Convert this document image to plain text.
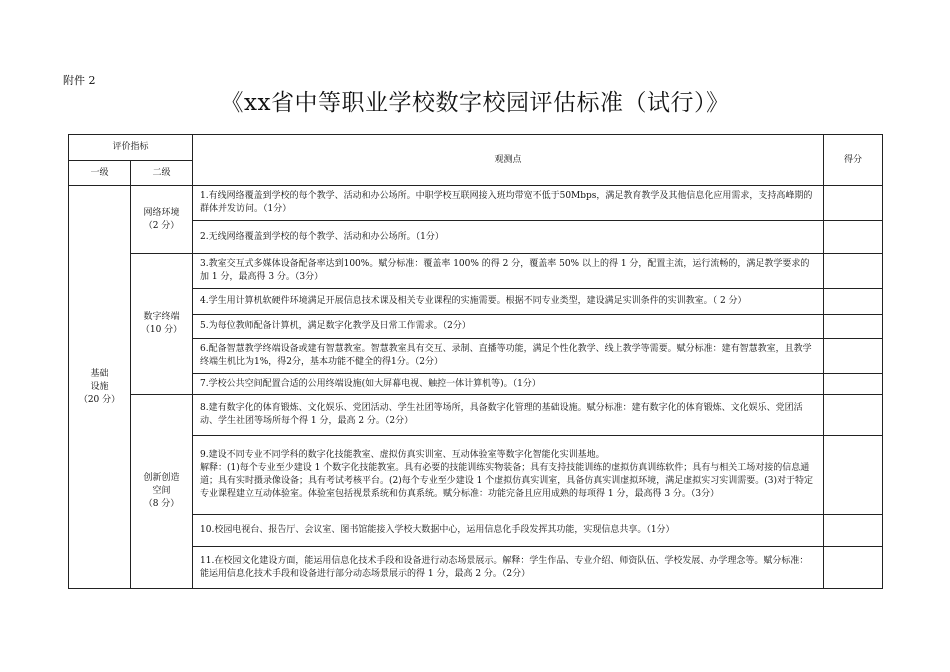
附件 2
《xx省中等职业学校数字校园评估标准（试行）》
评价指标		观测点	得分
一级	二级		
基础
设施
（20 分）	网络环境
（2 分）	1.有线网络覆盖到学校的每个教学、活动和办公场所。中职学校互联网接入班均带宽不低于50Mbps，满足教育教学及其他信息化应用需求，支持高峰期的群体并发访问。（1分）	
		2.无线网络覆盖到学校的每个教学、活动和办公场所。（1分）	
	数字终端
（10 分）	3.教室交互式多媒体设备配备率达到100%。赋分标准：覆盖率 100% 的得 2 分，覆盖率 50% 以上的得 1 分，配置主流，运行流畅的，满足教学要求的加 1 分，最高得 3 分。（3分）	
		4.学生用计算机软硬件环境满足开展信息技术课及相关专业课程的实施需要。根据不同专业类型，建设满足实训条件的实训教室。（ 2 分）	
		5.为每位教师配备计算机，满足数字化教学及日常工作需求。（2分）	
		6.配备智慧教学终端设备或建有智慧教室。智慧教室具有交互、录制、直播等功能，满足个性化教学、线上教学等需要。赋分标准：建有智慧教室，且教学终端生机比为1%，得2分，基本功能不健全的得1分。（2分）	
		7.学校公共空间配置合适的公用终端设施(如大屏幕电视、触控一体计算机等)。（1分）	
	创新创造
空间
（8 分）	8.建有数字化的体育锻炼、文化娱乐、党团活动、学生社团等场所，具备数字化管理的基础设施。赋分标准：建有数字化的体育锻炼、文化娱乐、党团活动、学生社团等场所每个得 1 分，最高 2 分。（2分）	
		9.建设不同专业不同学科的数字化技能教室、虚拟仿真实训室、互动体验室等数字化智能化实训基地。
解释：(1)每个专业至少建设 1 个数字化技能教室。具有必要的技能训练实物装备；具有支持技能训练的虚拟仿真训练软件；具有与相关工场对接的信息通道；具有实时摄录像设备；具有考试考核平台。(2)每个专业至少建设 1 个虚拟仿真实训室，具备仿真实训虚拟环境，满足虚拟实习实训需要。(3)对于特定专业课程建立互动体验室。体验室包括视景系统和仿真系统。赋分标准：功能完备且应用成熟的每项得 1 分，最高得 3 分。（3分）	
		10.校园电视台、报告厅、会议室、图书馆能接入学校大数据中心，运用信息化手段发挥其功能，实现信息共享。（1分）	
		11.在校园文化建设方面，能运用信息化技术手段和设备进行动态场景展示。解释：学生作品、专业介绍、师资队伍、学校发展、办学理念等。赋分标准：能运用信息化技术手段和设备进行部分动态场景展示的得 1 分，最高 2 分。（2分）	
